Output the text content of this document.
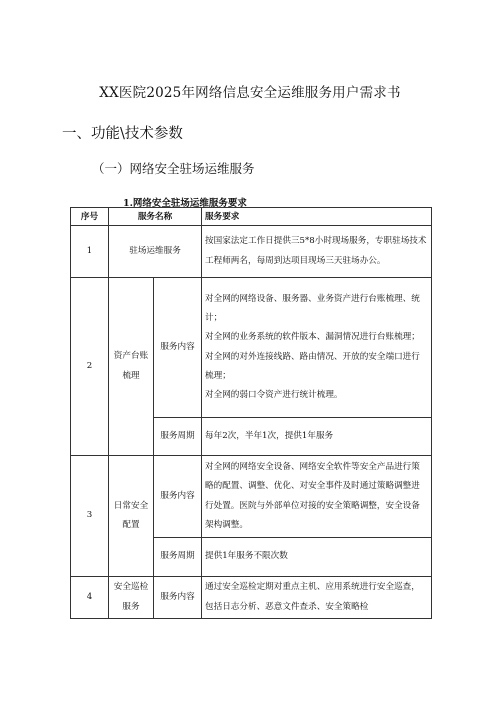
XX医院2025年网络信息安全运维服务用户需求书
一、功能\技术参数
（一）网络安全驻场运维服务
1.网络安全驻场运维服务要求
序号	服务名称		服务要求
1	驻场运维服务		按国家法定工作日提供三5*8小时现场服务，专职驻场技术工程师两名，每周到达项目现场三天驻场办公。
2	资产台账梳理	服务内容	对全网的网络设备、服务器、业务资产进行台账梳理、统计；
对全网的业务系统的软件版本、漏洞情况进行台账梳理；
对全网的对外连接线路、路由情况、开放的安全端口进行梳理；
对全网的弱口令资产进行统计梳理。

		服务周期	每年2次，半年1次，提供1年服务
3	日常安全配置	服务内容	对全网的网络安全设备、网络安全软件等安全产品进行策略的配置、调整、优化、对安全事件及时通过策略调整进行处置。医院与外部单位对接的安全策略调整，安全设备架构调整。
		服务周期	提供1年服务不限次数
4	安全巡检服务	服务内容	通过安全巡检定期对重点主机、应用系统进行安全巡查，包括日志分析、恶意文件查杀、安全策略检
